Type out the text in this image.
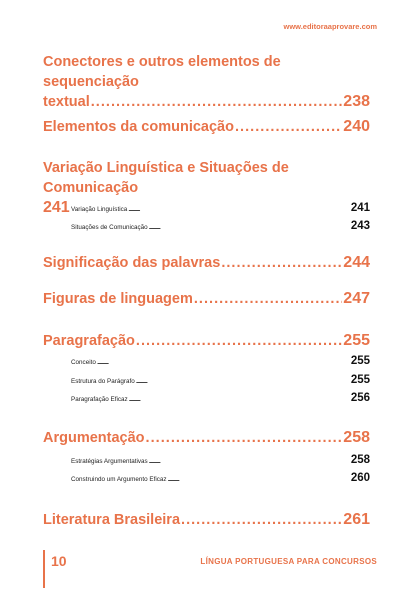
www.editoraaprovare.com
Conectores e outros elementos de sequenciação
textual . . .	238
Elementos da comunicação . . .	240
Variação Linguística e Situações de Comunicação
241 Variação Linguística . . .	241
Situações de Comunicação . . .	243
Significação das palavras . . .	244
Figuras de linguagem . . .	247
Paragrafação . . .	255
Conceito . . .	255
Estrutura do Parágrafo . . .	255
Paragrafação Eficaz . . .	256
Argumentação . . .	258
Estratégias Argumentativas . . .	258
Construindo um Argumento Eficaz . . .	260
Literatura Brasileira . . .	261
10	LÍNGUA PORTUGUESA PARA CONCURSOS
